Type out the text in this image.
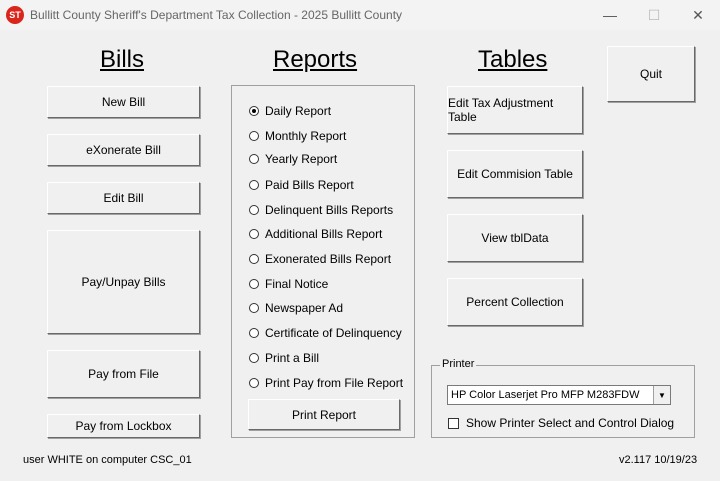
ST Bullitt County Sheriff's Department Tax Collection - 2025 Bullitt County	—	☐	✕
Bills	Reports	Tables
New Bill
eXonerate Bill
Edit Bill
Pay/Unpay Bills
Pay from File
Pay from Lockbox
Daily Report
Monthly Report
Yearly Report
Paid Bills Report
Delinquent Bills Reports
Additional Bills Report
Exonerated Bills Report
Final Notice
Newspaper Ad
Certificate of Delinquency
Print a Bill
Print Pay from File Report
Print Report
Edit Tax Adjustment Table
Edit Commision Table
View tblData
Percent Collection
Quit
Printer
HP Color Laserjet Pro MFP M283FDW	▼
Show Printer Select and Control Dialog
user WHITE on computer CSC_01	v2.117 10/19/23
